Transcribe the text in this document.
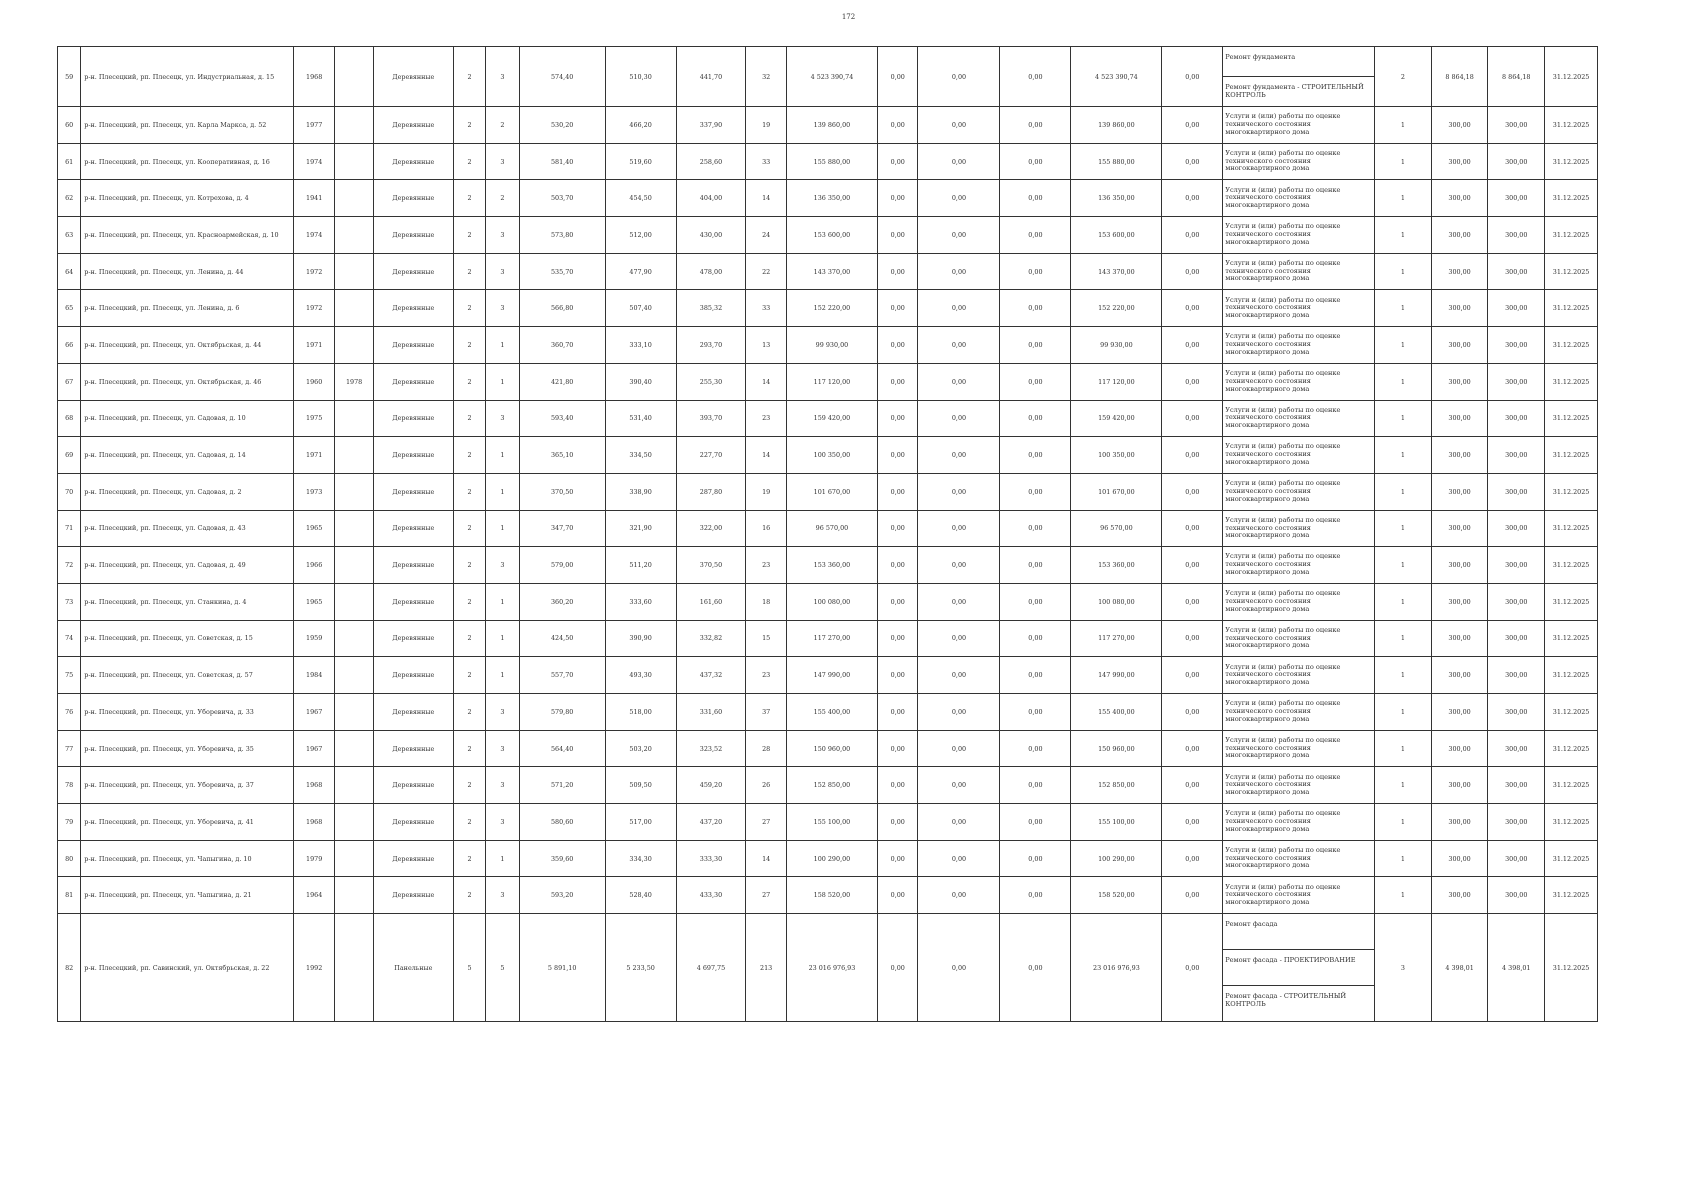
172
59	р-н. Плесецкий, рп. Плесецк, ул. Индустриальная, д. 15	1968		Деревянные	2	3	574,40	510,30	441,70	32	4 523 390,74	0,00	0,00	0,00	4 523 390,74	0,00	Ремонт фундамента	2	8 864,18	8 864,18	31.12.2025
																	Ремонт фундамента - СТРОИТЕЛЬНЫЙ КОНТРОЛЬ				
60	р-н. Плесецкий, рп. Плесецк, ул. Карла Маркса, д. 52	1977		Деревянные	2	2	530,20	466,20	337,90	19	139 860,00	0,00	0,00	0,00	139 860,00	0,00	Услуги и (или) работы по оценке технического состояния многоквартирного дома	1	300,00	300,00	31.12.2025
61	р-н. Плесецкий, рп. Плесецк, ул. Кооперативная, д. 16	1974		Деревянные	2	3	581,40	519,60	258,60	33	155 880,00	0,00	0,00	0,00	155 880,00	0,00	Услуги и (или) работы по оценке технического состояния многоквартирного дома	1	300,00	300,00	31.12.2025
62	р-н. Плесецкий, рп. Плесецк, ул. Котрехова, д. 4	1941		Деревянные	2	2	503,70	454,50	404,00	14	136 350,00	0,00	0,00	0,00	136 350,00	0,00	Услуги и (или) работы по оценке технического состояния многоквартирного дома	1	300,00	300,00	31.12.2025
63	р-н. Плесецкий, рп. Плесецк, ул. Красноармейская, д. 10	1974		Деревянные	2	3	573,80	512,00	430,00	24	153 600,00	0,00	0,00	0,00	153 600,00	0,00	Услуги и (или) работы по оценке технического состояния многоквартирного дома	1	300,00	300,00	31.12.2025
64	р-н. Плесецкий, рп. Плесецк, ул. Ленина, д. 44	1972		Деревянные	2	3	535,70	477,90	478,00	22	143 370,00	0,00	0,00	0,00	143 370,00	0,00	Услуги и (или) работы по оценке технического состояния многоквартирного дома	1	300,00	300,00	31.12.2025
65	р-н. Плесецкий, рп. Плесецк, ул. Ленина, д. 6	1972		Деревянные	2	3	566,80	507,40	385,32	33	152 220,00	0,00	0,00	0,00	152 220,00	0,00	Услуги и (или) работы по оценке технического состояния многоквартирного дома	1	300,00	300,00	31.12.2025
66	р-н. Плесецкий, рп. Плесецк, ул. Октябрьская, д. 44	1971		Деревянные	2	1	360,70	333,10	293,70	13	99 930,00	0,00	0,00	0,00	99 930,00	0,00	Услуги и (или) работы по оценке технического состояния многоквартирного дома	1	300,00	300,00	31.12.2025
67	р-н. Плесецкий, рп. Плесецк, ул. Октябрьская, д. 46	1960	1978	Деревянные	2	1	421,80	390,40	255,30	14	117 120,00	0,00	0,00	0,00	117 120,00	0,00	Услуги и (или) работы по оценке технического состояния многоквартирного дома	1	300,00	300,00	31.12.2025
68	р-н. Плесецкий, рп. Плесецк, ул. Садовая, д. 10	1975		Деревянные	2	3	593,40	531,40	393,70	23	159 420,00	0,00	0,00	0,00	159 420,00	0,00	Услуги и (или) работы по оценке технического состояния многоквартирного дома	1	300,00	300,00	31.12.2025
69	р-н. Плесецкий, рп. Плесецк, ул. Садовая, д. 14	1971		Деревянные	2	1	365,10	334,50	227,70	14	100 350,00	0,00	0,00	0,00	100 350,00	0,00	Услуги и (или) работы по оценке технического состояния многоквартирного дома	1	300,00	300,00	31.12.2025
70	р-н. Плесецкий, рп. Плесецк, ул. Садовая, д. 2	1973		Деревянные	2	1	370,50	338,90	287,80	19	101 670,00	0,00	0,00	0,00	101 670,00	0,00	Услуги и (или) работы по оценке технического состояния многоквартирного дома	1	300,00	300,00	31.12.2025
71	р-н. Плесецкий, рп. Плесецк, ул. Садовая, д. 43	1965		Деревянные	2	1	347,70	321,90	322,00	16	96 570,00	0,00	0,00	0,00	96 570,00	0,00	Услуги и (или) работы по оценке технического состояния многоквартирного дома	1	300,00	300,00	31.12.2025
72	р-н. Плесецкий, рп. Плесецк, ул. Садовая, д. 49	1966		Деревянные	2	3	579,00	511,20	370,50	23	153 360,00	0,00	0,00	0,00	153 360,00	0,00	Услуги и (или) работы по оценке технического состояния многоквартирного дома	1	300,00	300,00	31.12.2025
73	р-н. Плесецкий, рп. Плесецк, ул. Станкина, д. 4	1965		Деревянные	2	1	360,20	333,60	161,60	18	100 080,00	0,00	0,00	0,00	100 080,00	0,00	Услуги и (или) работы по оценке технического состояния многоквартирного дома	1	300,00	300,00	31.12.2025
74	р-н. Плесецкий, рп. Плесецк, ул. Советская, д. 15	1959		Деревянные	2	1	424,50	390,90	332,82	15	117 270,00	0,00	0,00	0,00	117 270,00	0,00	Услуги и (или) работы по оценке технического состояния многоквартирного дома	1	300,00	300,00	31.12.2025
75	р-н. Плесецкий, рп. Плесецк, ул. Советская, д. 57	1984		Деревянные	2	1	557,70	493,30	437,32	23	147 990,00	0,00	0,00	0,00	147 990,00	0,00	Услуги и (или) работы по оценке технического состояния многоквартирного дома	1	300,00	300,00	31.12.2025
76	р-н. Плесецкий, рп. Плесецк, ул. Уборевича, д. 33	1967		Деревянные	2	3	579,80	518,00	331,60	37	155 400,00	0,00	0,00	0,00	155 400,00	0,00	Услуги и (или) работы по оценке технического состояния многоквартирного дома	1	300,00	300,00	31.12.2025
77	р-н. Плесецкий, рп. Плесецк, ул. Уборевича, д. 35	1967		Деревянные	2	3	564,40	503,20	323,52	28	150 960,00	0,00	0,00	0,00	150 960,00	0,00	Услуги и (или) работы по оценке технического состояния многоквартирного дома	1	300,00	300,00	31.12.2025
78	р-н. Плесецкий, рп. Плесецк, ул. Уборевича, д. 37	1968		Деревянные	2	3	571,20	509,50	459,20	26	152 850,00	0,00	0,00	0,00	152 850,00	0,00	Услуги и (или) работы по оценке технического состояния многоквартирного дома	1	300,00	300,00	31.12.2025
79	р-н. Плесецкий, рп. Плесецк, ул. Уборевича, д. 41	1968		Деревянные	2	3	580,60	517,00	437,20	27	155 100,00	0,00	0,00	0,00	155 100,00	0,00	Услуги и (или) работы по оценке технического состояния многоквартирного дома	1	300,00	300,00	31.12.2025
80	р-н. Плесецкий, рп. Плесецк, ул. Чапыгина, д. 10	1979		Деревянные	2	1	359,60	334,30	333,30	14	100 290,00	0,00	0,00	0,00	100 290,00	0,00	Услуги и (или) работы по оценке технического состояния многоквартирного дома	1	300,00	300,00	31.12.2025
81	р-н. Плесецкий, рп. Плесецк, ул. Чапыгина, д. 21	1964		Деревянные	2	3	593,20	528,40	433,30	27	158 520,00	0,00	0,00	0,00	158 520,00	0,00	Услуги и (или) работы по оценке технического состояния многоквартирного дома	1	300,00	300,00	31.12.2025
82	р-н. Плесецкий, рп. Савинский, ул. Октябрьская, д. 22	1992		Панельные	5	5	5 891,10	5 233,50	4 697,75	213	23 016 976,93	0,00	0,00	0,00	23 016 976,93	0,00	Ремонт фасада	3	4 398,01	4 398,01	31.12.2025
																	Ремонт фасада - ПРОЕКТИРОВАНИЕ				
																	Ремонт фасада - СТРОИТЕЛЬНЫЙ КОНТРОЛЬ				
